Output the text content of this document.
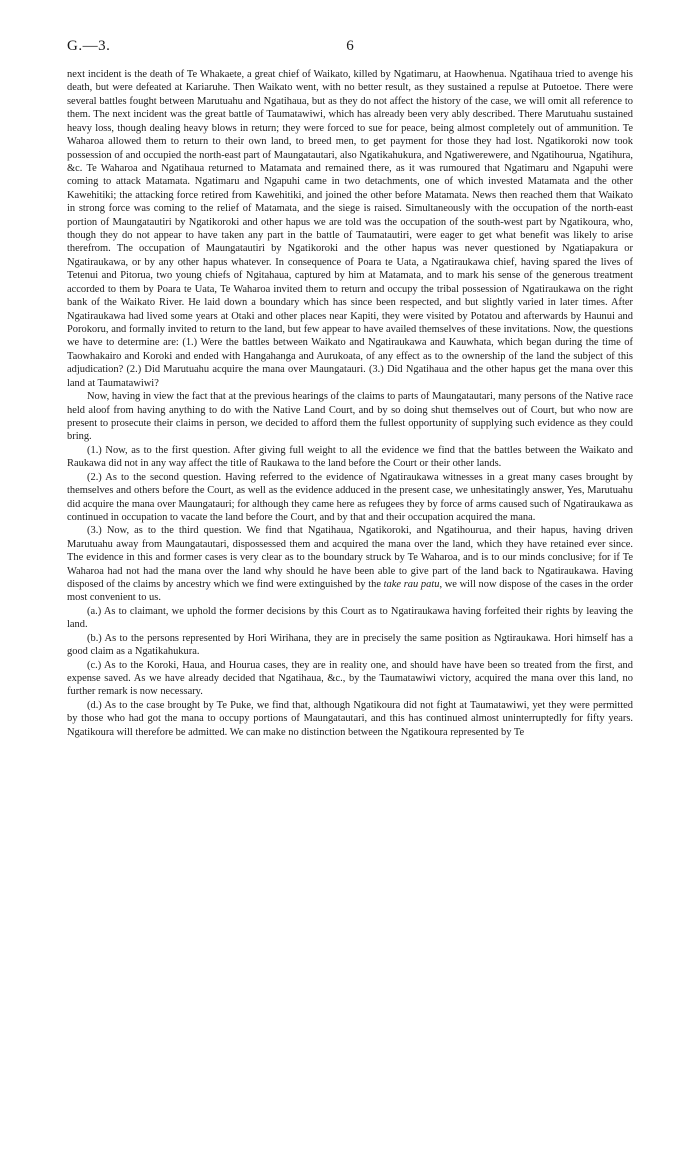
G.—3.	6

next incident is the death of Te Whakaete, a great chief of Waikato, killed by Ngatimaru, at Haowhenua. Ngatihaua tried to avenge his death, but were defeated at Kariaruhe. Then Waikato went, with no better result, as they sustained a repulse at Putoetoe. There were several battles fought between Marutuahu and Ngatihaua, but as they do not affect the history of the case, we will omit all reference to them. The next incident was the great battle of Taumatawiwi, which has already been very ably described. There Marutuahu sustained heavy loss, though dealing heavy blows in return; they were forced to sue for peace, being almost completely out of ammunition. Te Waharoa allowed them to return to their own land, to breed men, to get payment for those they had lost. Ngatikoroki now took possession of and occupied the north-east part of Maungatautari, also Ngatikahukura, and Ngatiwerewere, and Ngatihourua, Ngatihura, &c. Te Waharoa and Ngatihaua returned to Matamata and remained there, as it was rumoured that Ngatimaru and Ngapuhi were coming to attack Matamata. Ngatimaru and Ngapuhi came in two detachments, one of which invested Matamata and the other Kawehitiki; the attacking force retired from Kawehitiki, and joined the other before Matamata. News then reached them that Waikato in strong force was coming to the relief of Matamata, and the siege is raised. Simultaneously with the occupation of the north-east portion of Maungatautiri by Ngatikoroki and other hapus we are told was the occupation of the south-west part by Ngatikoura, who, though they do not appear to have taken any part in the battle of Taumatautiri, were eager to get what benefit was likely to arise therefrom. The occupation of Maungatautiri by Ngatikoroki and the other hapus was never questioned by Ngatiapakura or Ngatiraukawa, or by any other hapus whatever. In consequence of Poara te Uata, a Ngatiraukawa chief, having spared the lives of Tetenui and Pitorua, two young chiefs of Ngitahaua, captured by him at Matamata, and to mark his sense of the generous treatment accorded to them by Poara te Uata, Te Waharoa invited them to return and occupy the tribal possession of Ngatiraukawa on the right bank of the Waikato River. He laid down a boundary which has since been respected, and but slightly varied in later times. After Ngatiraukawa had lived some years at Otaki and other places near Kapiti, they were visited by Potatou and afterwards by Haunui and Porokoru, and formally invited to return to the land, but few appear to have availed themselves of these invitations. Now, the questions we have to determine are: (1.) Were the battles between Waikato and Ngatiraukawa and Kauwhata, which began during the time of Taowhakairo and Koroki and ended with Hangahanga and Aurukoata, of any effect as to the ownership of the land the subject of this adjudication? (2.) Did Marutuahu acquire the mana over Maungatauri. (3.) Did Ngatihaua and the other hapus get the mana over this land at Taumatawiwi?

Now, having in view the fact that at the previous hearings of the claims to parts of Maungatautari, many persons of the Native race held aloof from having anything to do with the Native Land Court, and by so doing shut themselves out of Court, but who now are present to prosecute their claims in person, we decided to afford them the fullest opportunity of supplying such evidence as they could bring.

(1.) Now, as to the first question. After giving full weight to all the evidence we find that the battles between the Waikato and Raukawa did not in any way affect the title of Raukawa to the land before the Court or their other lands.

(2.) As to the second question. Having referred to the evidence of Ngatiraukawa witnesses in a great many cases brought by themselves and others before the Court, as well as the evidence adduced in the present case, we unhesitatingly answer, Yes, Marutuahu did acquire the mana over Maungatauri; for although they came here as refugees they by force of arms caused such of Ngatiraukawa as continued in occupation to vacate the land before the Court, and by that and their occupation acquired the mana.

(3.) Now, as to the third question. We find that Ngatihaua, Ngatikoroki, and Ngatihourua, and their hapus, having driven Marutuahu away from Maungatautari, dispossessed them and acquired the mana over the land, which they have retained ever since. The evidence in this and former cases is very clear as to the boundary struck by Te Waharoa, and is to our minds conclusive; for if Te Waharoa had not had the mana over the land why should he have been able to give part of the land back to Ngatiraukawa. Having disposed of the claims by ancestry which we find were extinguished by the take rau patu, we will now dispose of the cases in the order most convenient to us.

(a.) As to claimant, we uphold the former decisions by this Court as to Ngatiraukawa having forfeited their rights by leaving the land.

(b.) As to the persons represented by Hori Wirihana, they are in precisely the same position as Ngtiraukawa. Hori himself has a good claim as a Ngatikahukura.

(c.) As to the Koroki, Haua, and Hourua cases, they are in reality one, and should have have been so treated from the first, and expense saved. As we have already decided that Ngatihaua, &c., by the Taumatawiwi victory, acquired the mana over this land, no further remark is now necessary.

(d.) As to the case brought by Te Puke, we find that, although Ngatikoura did not fight at Taumatawiwi, yet they were permitted by those who had got the mana to occupy portions of Maungatautari, and this has continued almost uninterruptedly for fifty years. Ngatikoura will therefore be admitted. We can make no distinction between the Ngatikoura represented by Te
